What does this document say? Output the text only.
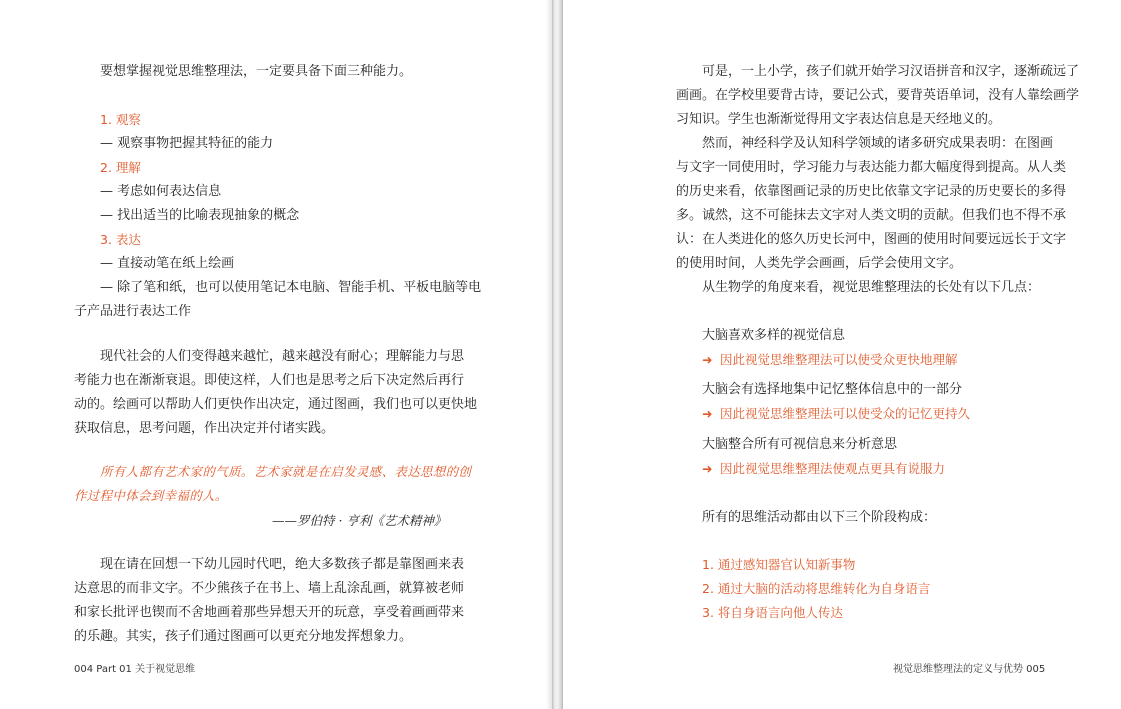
要想掌握视觉思维整理法，一定要具备下面三种能力。

1. 观察

— 观察事物把握其特征的能力

2. 理解

— 考虑如何表达信息

— 找出适当的比喻表现抽象的概念

3. 表达

— 直接动笔在纸上绘画

— 除了笔和纸，也可以使用笔记本电脑、智能手机、平板电脑等电

子产品进行表达工作

现代社会的人们变得越来越忙，越来越没有耐心；理解能力与思

考能力也在渐渐衰退。即使这样，人们也是思考之后下决定然后再行

动的。绘画可以帮助人们更快作出决定，通过图画，我们也可以更快地

获取信息，思考问题，作出决定并付诸实践。

所有人都有艺术家的气质。艺术家就是在启发灵感、表达思想的创

作过程中体会到幸福的人。

——罗伯特 · 亨利《艺术精神》

现在请在回想一下幼儿园时代吧，绝大多数孩子都是靠图画来表

达意思的而非文字。不少熊孩子在书上、墙上乱涂乱画，就算被老师

和家长批评也锲而不舍地画着那些异想天开的玩意，享受着画画带来

的乐趣。其实，孩子们通过图画可以更充分地发挥想象力。

004 Part 01 关于视觉思维

可是，一上小学，孩子们就开始学习汉语拼音和汉字，逐渐疏远了

画画。在学校里要背古诗，要记公式，要背英语单词，没有人靠绘画学

习知识。学生也渐渐觉得用文字表达信息是天经地义的。

然而，神经科学及认知科学领域的诸多研究成果表明：在图画

与文字一同使用时，学习能力与表达能力都大幅度得到提高。从人类

的历史来看，依靠图画记录的历史比依靠文字记录的历史要长的多得

多。诚然，这不可能抹去文字对人类文明的贡献。但我们也不得不承

认：在人类进化的悠久历史长河中，图画的使用时间要远远长于文字

的使用时间，人类先学会画画，后学会使用文字。

从生物学的角度来看，视觉思维整理法的长处有以下几点：

大脑喜欢多样的视觉信息

➜ 因此视觉思维整理法可以使受众更快地理解

大脑会有选择地集中记忆整体信息中的一部分

➜ 因此视觉思维整理法可以使受众的记忆更持久

大脑整合所有可视信息来分析意思

➜ 因此视觉思维整理法使观点更具有说服力

所有的思维活动都由以下三个阶段构成：

1. 通过感知器官认知新事物

2. 通过大脑的活动将思维转化为自身语言

3. 将自身语言向他人传达

视觉思维整理法的定义与优势 005
